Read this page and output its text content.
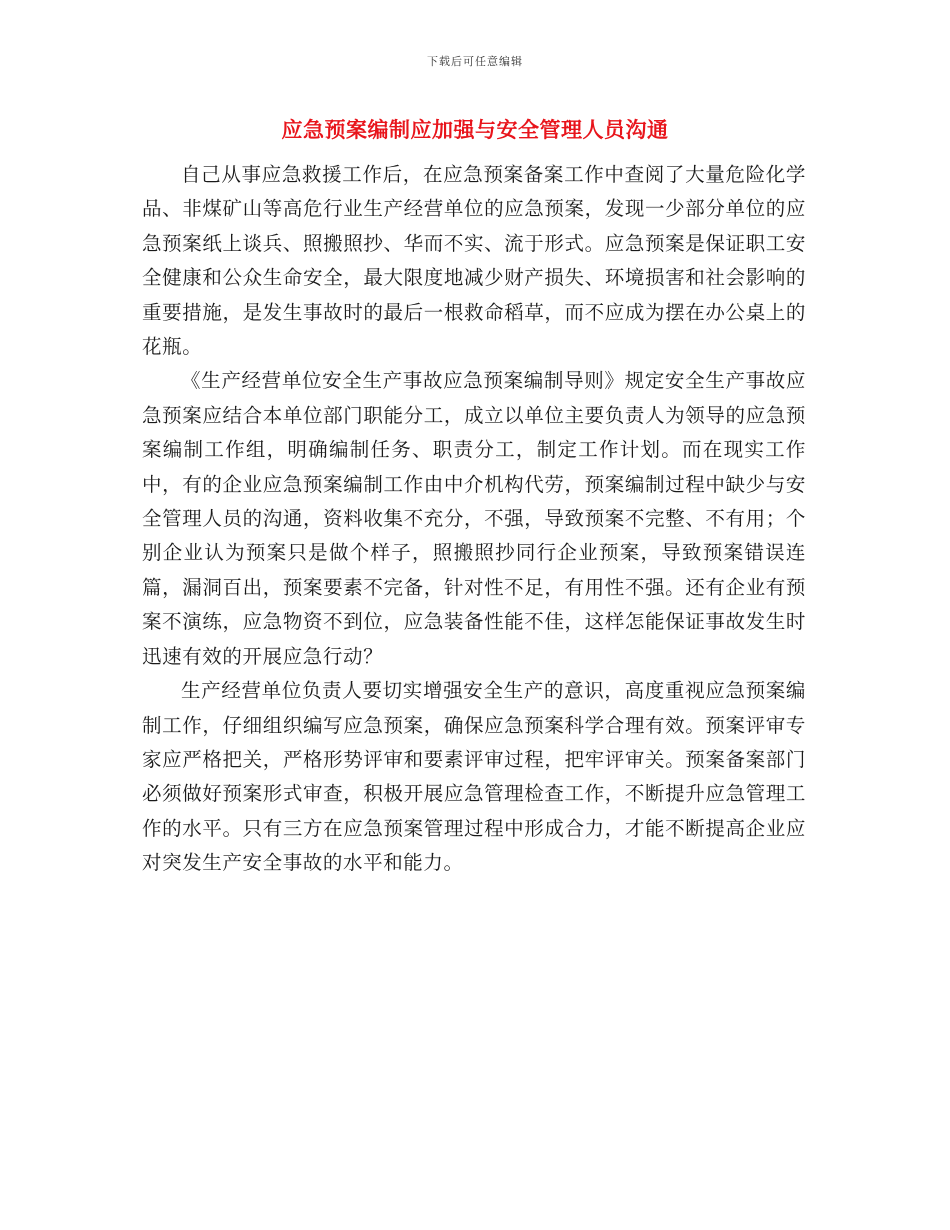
下载后可任意编辑
应急预案编制应加强与安全管理人员沟通

自己从事应急救援工作后，在应急预案备案工作中查阅了大量危险化学品、非煤矿山等高危行业生产经营单位的应急预案，发现一少部分单位的应急预案纸上谈兵、照搬照抄、华而不实、流于形式。应急预案是保证职工安全健康和公众生命安全，最大限度地减少财产损失、环境损害和社会影响的重要措施，是发生事故时的最后一根救命稻草，而不应成为摆在办公桌上的花瓶。

《生产经营单位安全生产事故应急预案编制导则》规定安全生产事故应急预案应结合本单位部门职能分工，成立以单位主要负责人为领导的应急预案编制工作组，明确编制任务、职责分工，制定工作计划。而在现实工作中，有的企业应急预案编制工作由中介机构代劳，预案编制过程中缺少与安全管理人员的沟通，资料收集不充分，不强，导致预案不完整、不有用；个别企业认为预案只是做个样子，照搬照抄同行企业预案，导致预案错误连篇，漏洞百出，预案要素不完备，针对性不足，有用性不强。还有企业有预案不演练，应急物资不到位，应急装备性能不佳，这样怎能保证事故发生时迅速有效的开展应急行动？

生产经营单位负责人要切实增强安全生产的意识，高度重视应急预案编制工作，仔细组织编写应急预案，确保应急预案科学合理有效。预案评审专家应严格把关，严格形势评审和要素评审过程，把牢评审关。预案备案部门必须做好预案形式审查，积极开展应急管理检查工作，不断提升应急管理工作的水平。只有三方在应急预案管理过程中形成合力，才能不断提高企业应对突发生产安全事故的水平和能力。
